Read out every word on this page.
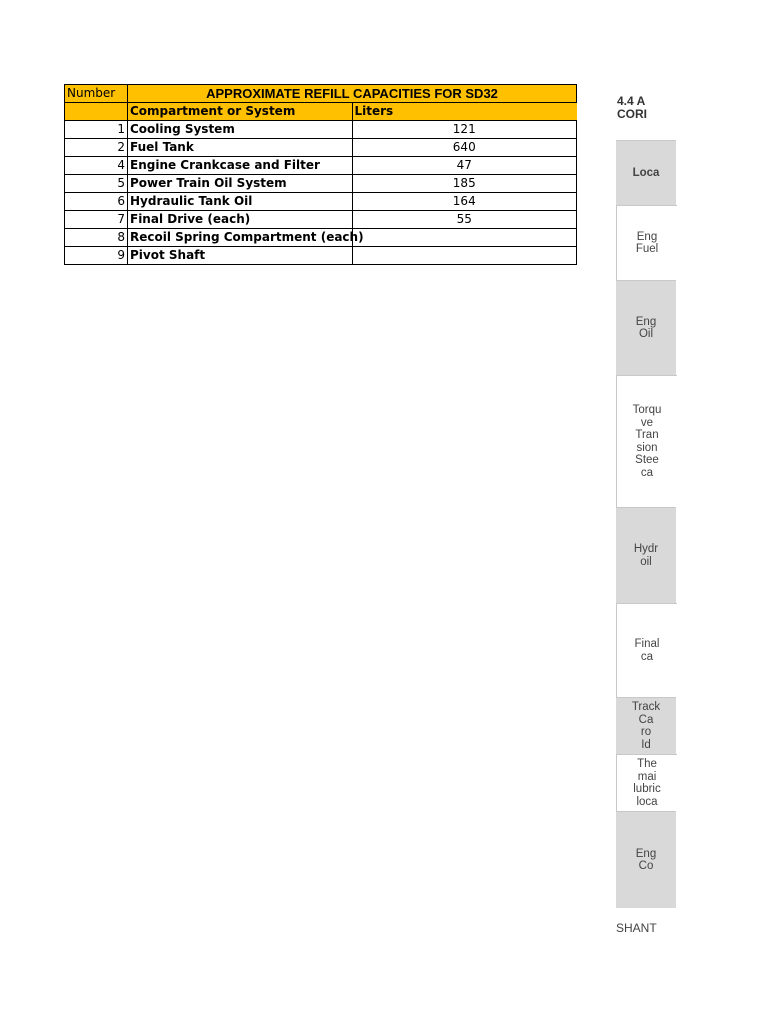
Number	APPROXIMATE REFILL CAPACITIES FOR SD32	
	Compartment or System	Liters
1	Cooling System	121
2	Fuel Tank	640
4	Engine Crankcase and Filter	47
5	Power Train Oil System	185
6	Hydraulic Tank Oil	164
7	Final Drive (each)	55
8	Recoil Spring Compartment (each)	
9	Pivot Shaft	
4.4 A
CORI
Loca
Eng
Fuel
Eng
Oil
Torqu
ve
Tran
sion
Stee
ca
Hydr
oil
Final
ca
Track
Ca
ro
Id
The
mai
lubric
loca
Eng
Co
SHANT
